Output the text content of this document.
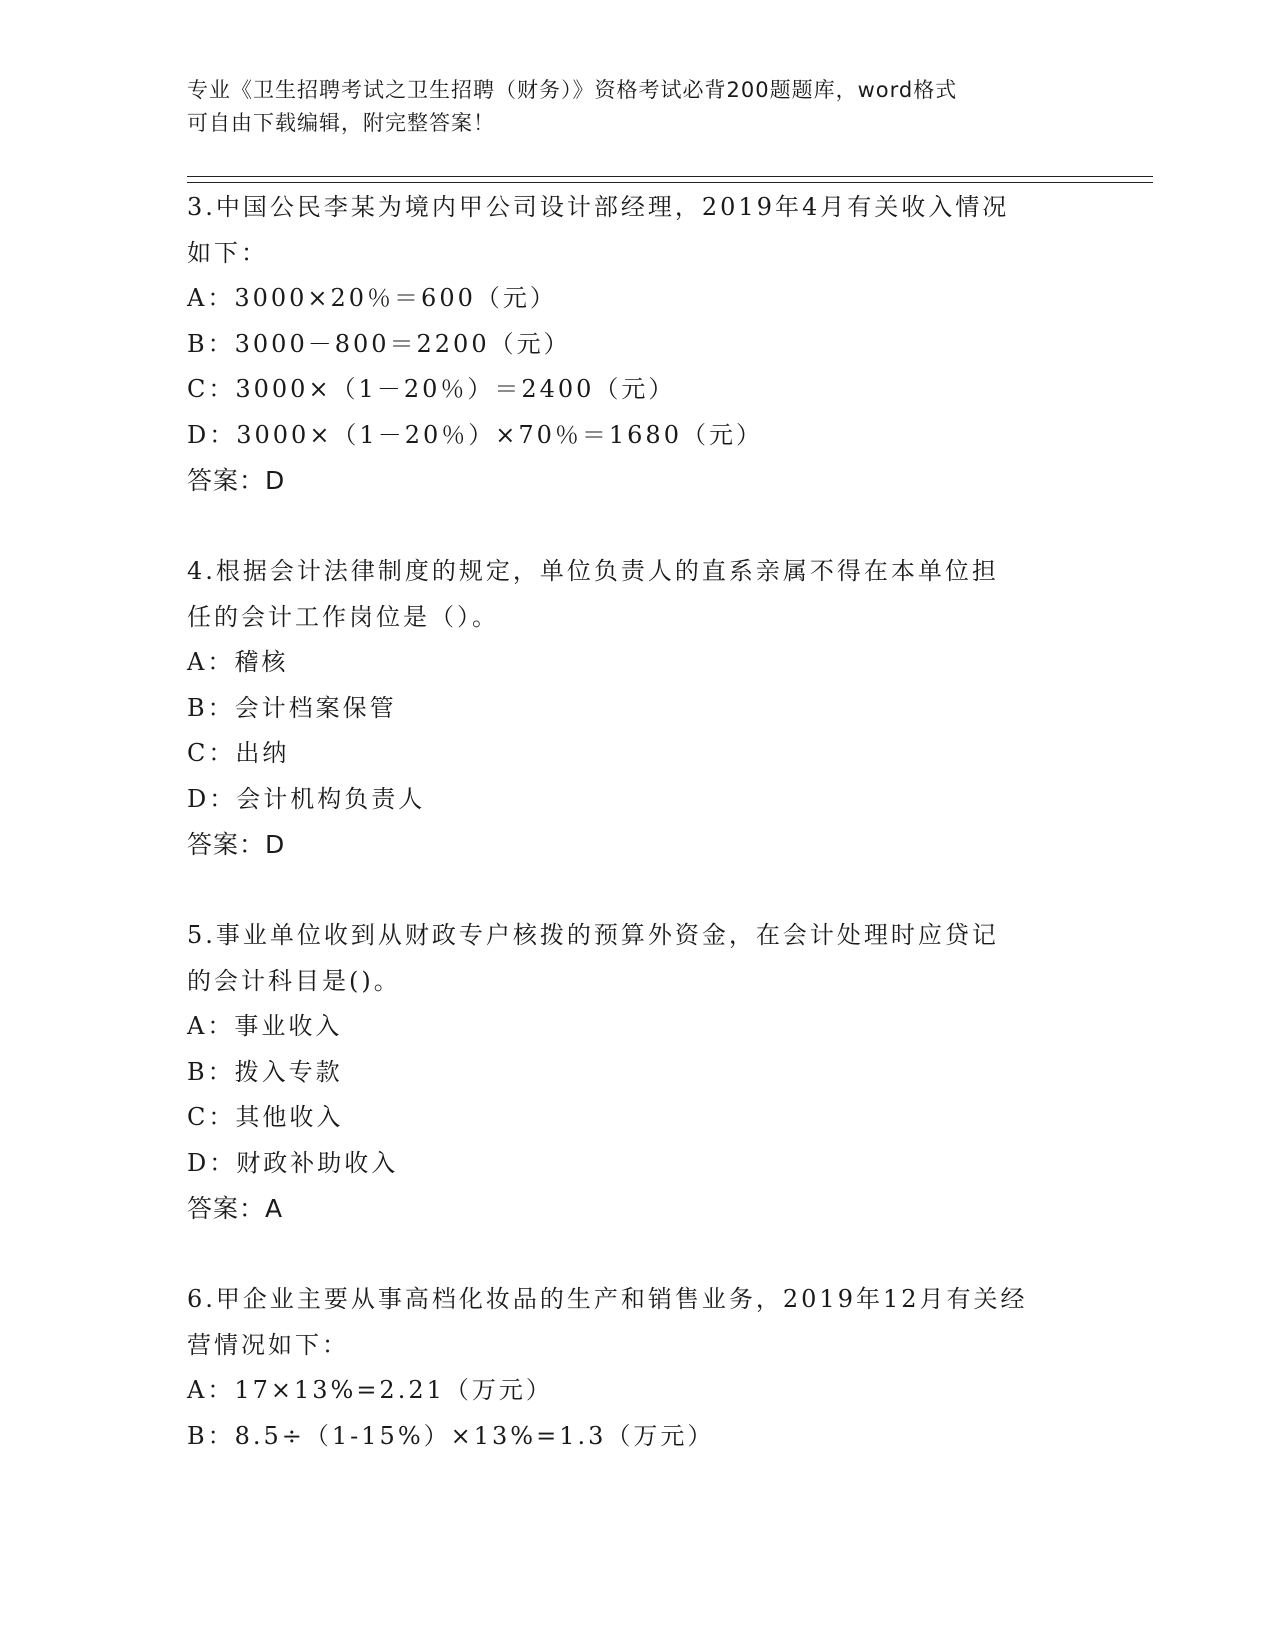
专业《卫生招聘考试之卫生招聘（财务）》资格考试必背200题题库，word格式
可自由下载编辑，附完整答案！
3.中国公民李某为境内甲公司设计部经理，2019年4月有关收入情况
如下：
A：3000×20％＝600（元）
B：3000－800＝2200（元）
C：3000×（1－20％）＝2400（元）
D：3000×（1－20％）×70％＝1680（元）
答案：D
4.根据会计法律制度的规定，单位负责人的直系亲属不得在本单位担
任的会计工作岗位是（）。
A：稽核
B：会计档案保管
C：出纳
D：会计机构负责人
答案：D
5.事业单位收到从财政专户核拨的预算外资金，在会计处理时应贷记
的会计科目是()。
A：事业收入
B：拨入专款
C：其他收入
D：财政补助收入
答案：A
6.甲企业主要从事高档化妆品的生产和销售业务，2019年12月有关经
营情况如下：
A：17×13%=2.21（万元）
B：8.5÷（1-15%）×13%=1.3（万元）
